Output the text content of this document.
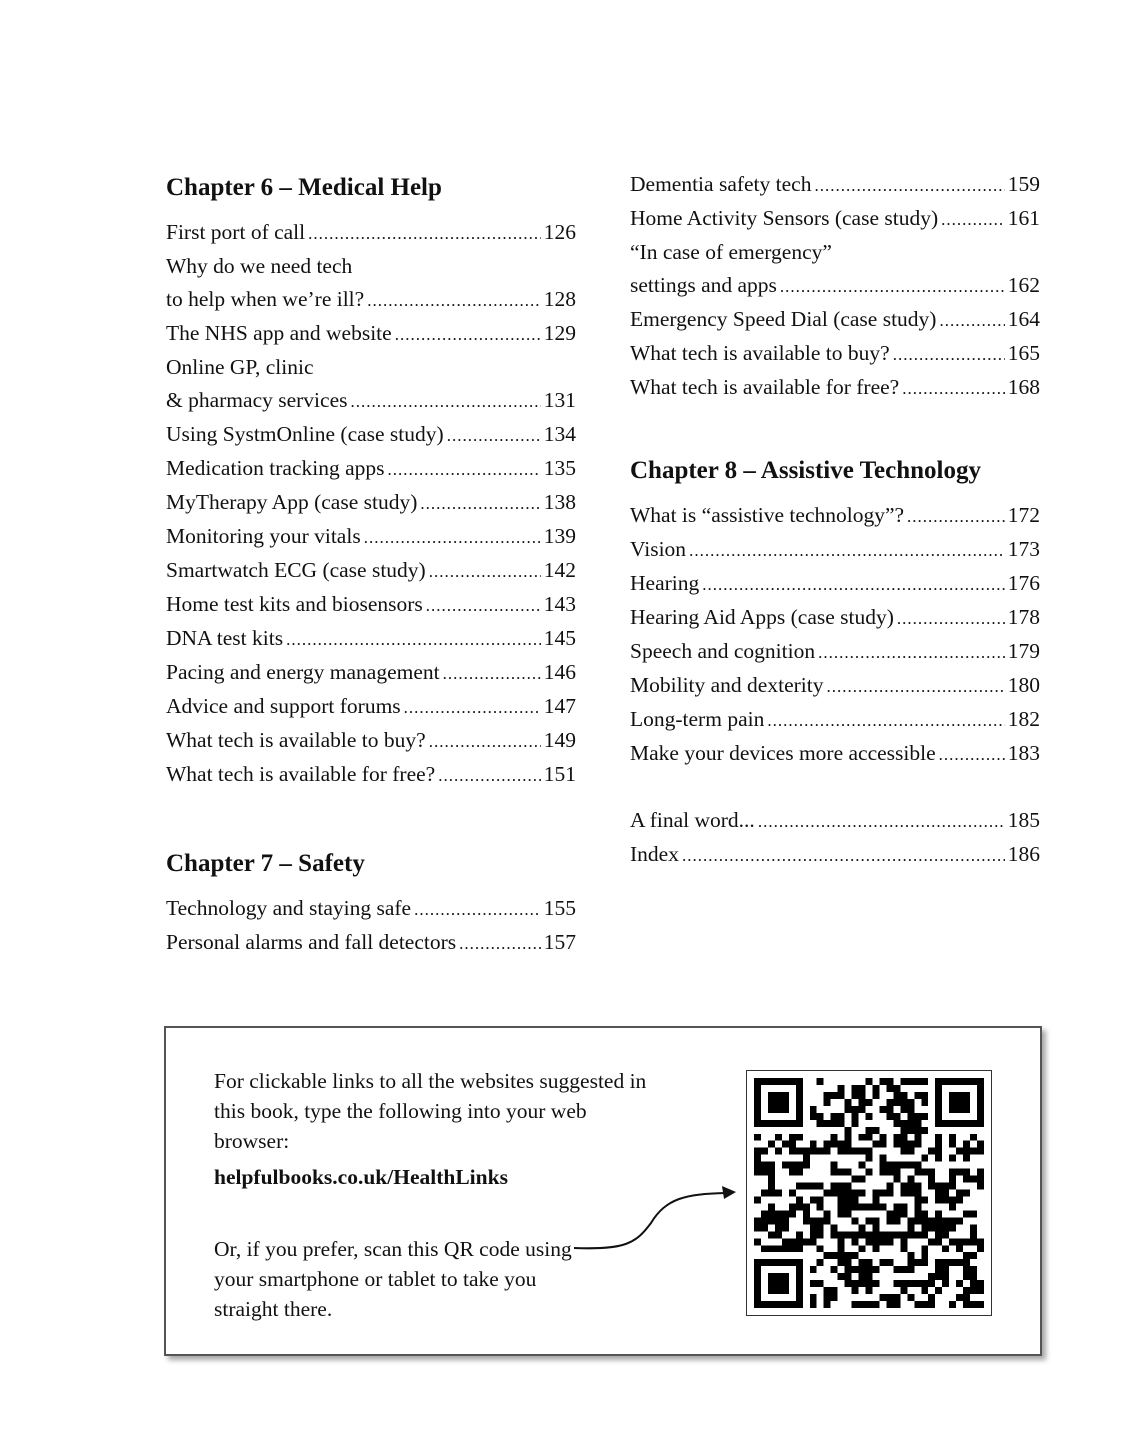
Chapter 6 – Medical Help
First port of call .....	126
Why do we need tech
to help when we’re ill? .....	128
The NHS app and website .....	129
Online GP, clinic
& pharmacy services .....	131
Using SystmOnline (case study) .....	134
Medication tracking apps .....	135
MyTherapy App (case study) .....	138
Monitoring your vitals .....	139
Smartwatch ECG (case study) .....	142
Home test kits and biosensors .....	143
DNA test kits .....	145
Pacing and energy management .....	146
Advice and support forums .....	147
What tech is available to buy? .....	149
What tech is available for free? .....	151
Chapter 7 – Safety
Technology and staying safe .....	155
Personal alarms and fall detectors .....	157
Dementia safety tech .....	159
Home Activity Sensors (case study) .....	161
“In case of emergency”
settings and apps .....	162
Emergency Speed Dial (case study) .....	164
What tech is available to buy? .....	165
What tech is available for free? .....	168
Chapter 8 – Assistive Technology
What is “assistive technology”? .....	172
Vision .....	173
Hearing .....	176
Hearing Aid Apps (case study) .....	178
Speech and cognition .....	179
Mobility and dexterity .....	180
Long-term pain .....	182
Make your devices more accessible .....	183
A final word... .....	185
Index .....	186
For clickable links to all the websites suggested in this book, type the following into your web browser:
helpfulbooks.co.uk/HealthLinks
Or, if you prefer, scan this QR code using your smartphone or tablet to take you straight there.
